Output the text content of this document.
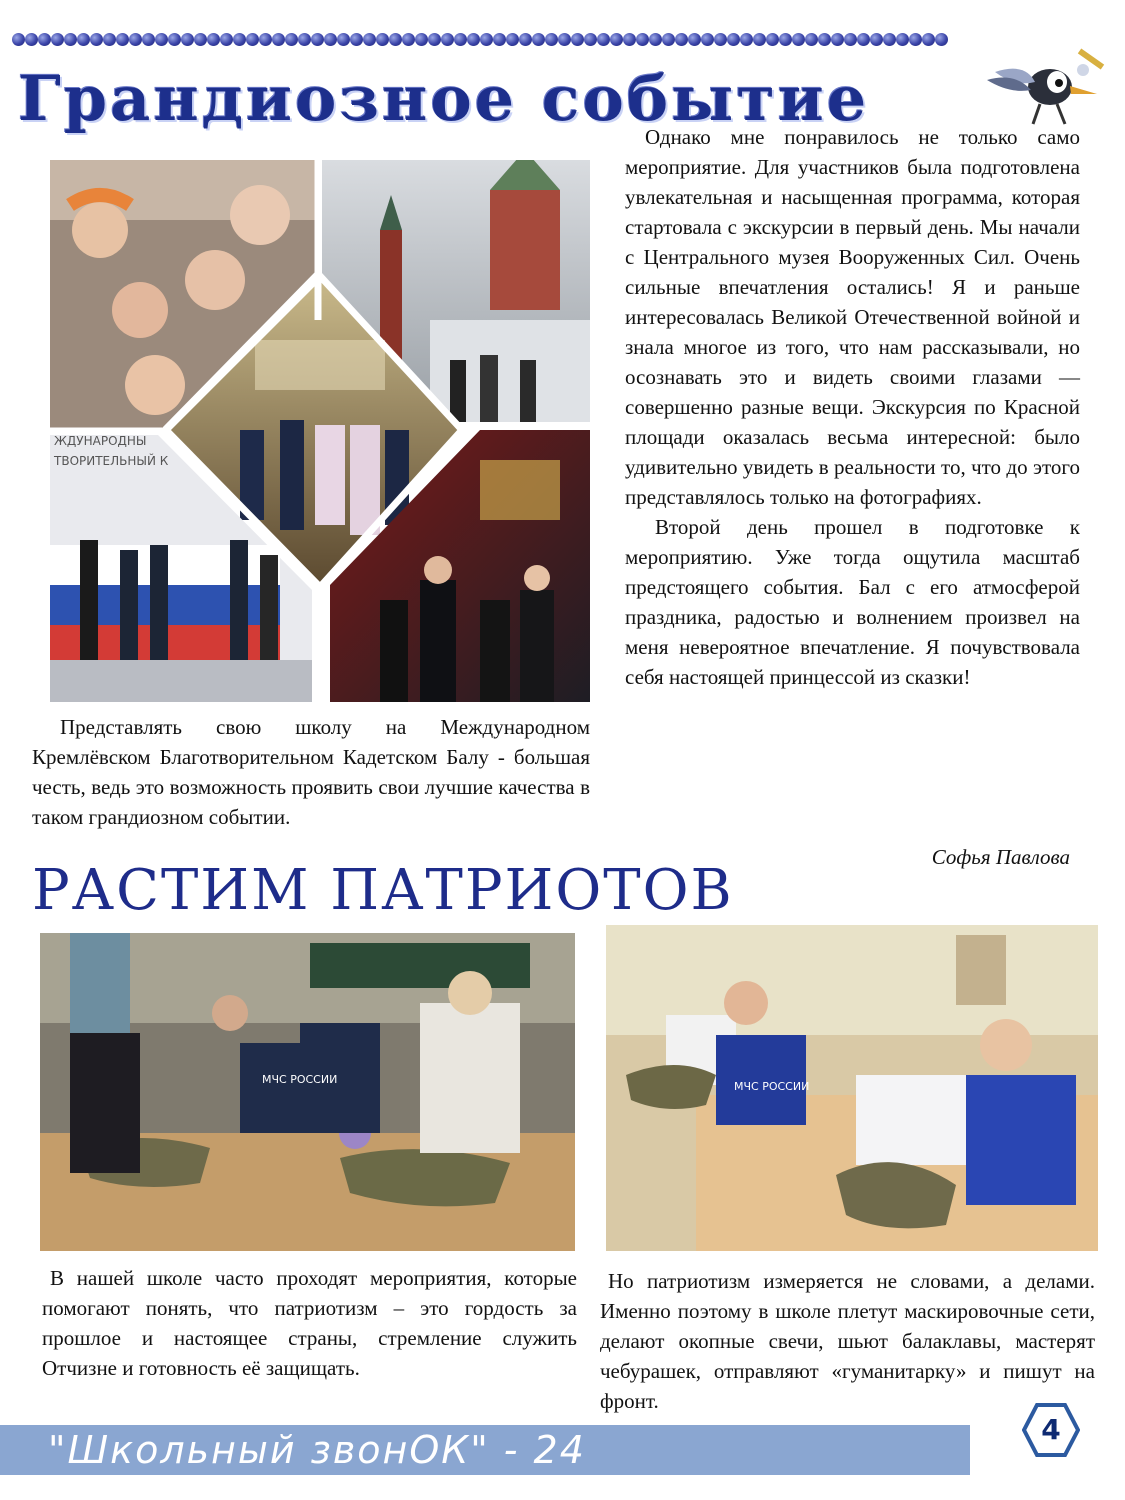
Грандиозное событие
ЖДУНАРОДНЫ
ТВОРИТЕЛЬНЫЙ К
Представлять свою школу на Международном Кремлёвском Благотворительном Кадетском Балу - большая честь, ведь это возможность проявить свои лучшие качества в таком грандиозном событии.

Однако мне понравилось не только само мероприятие. Для участников была подготовлена увлекательная и насыщенная программа, которая стартовала с экскурсии в первый день. Мы начали с Центрального музея Вооруженных Сил. Очень сильные впечатления остались! Я и раньше интересовалась Великой Отечественной войной и знала многое из того, что нам рассказывали, но осознавать это и видеть своими глазами — совершенно разные вещи. Экскурсия по Красной площади оказалась весьма интересной: было удивительно увидеть в реальности то, что до этого представлялось только на фотографиях.

Второй день прошел в подготовке к мероприятию. Уже тогда ощутила масштаб предстоящего события. Бал с его атмосферой праздника, радостью и волнением произвел на меня невероятное впечатление. Я почувствовала себя настоящей принцессой из сказки!

Софья Павлова
РАСТИМ ПАТРИОТОВ
МЧС РОССИИ
МЧС РОССИИ
В нашей школе часто проходят мероприятия, которые помогают понять, что патриотизм – это гордость за прошлое и настоящее страны, стремление служить Отчизне и готовность её защищать.
Но патриотизм измеряется не словами, а делами. Именно поэтому в школе плетут маскировочные сети, делают окопные свечи, шьют балаклавы, мастерят чебурашек, отправляют «гуманитарку» и пишут на фронт.
"Школьный звонОК" - 24	4
